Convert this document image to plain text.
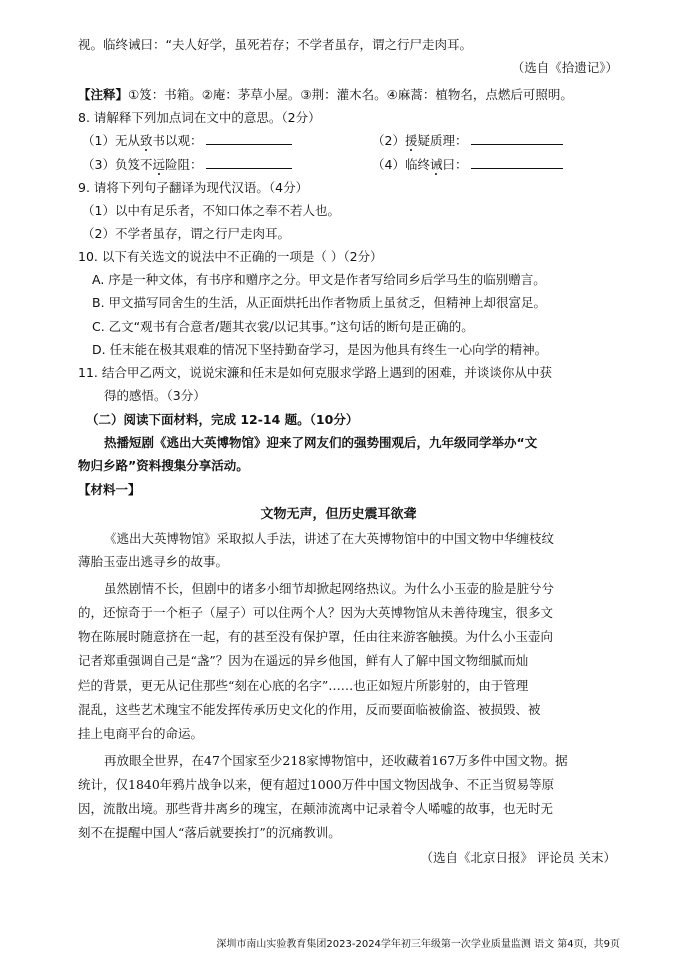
视。临终诫曰：“夫人好学，虽死若存；不学者虽存，谓之行尸走肉耳。
（选自《拾遗记》）
【注释】①笈：书箱。②庵：茅草小屋。③荆：灌木名。④麻蒿：植物名，点燃后可照明。
8. 请解释下列加点词在文中的意思。（2分）
（1）无从致书以观：	（2）援疑质理：
（3）负笈不远险阻：	（4）临终诫曰：
9. 请将下列句子翻译为现代汉语。（4分）
（1）以中有足乐者，不知口体之奉不若人也。
（2）不学者虽存，谓之行尸走肉耳。
10. 以下有关选文的说法中不正确的一项是（ ）（2分）
A. 序是一种文体，有书序和赠序之分。甲文是作者写给同乡后学马生的临别赠言。
B. 甲文描写同舍生的生活，从正面烘托出作者物质上虽贫乏，但精神上却很富足。
C. 乙文“观书有合意者/题其衣裳/以记其事。”这句话的断句是正确的。
D. 任末能在极其艰难的情况下坚持勤奋学习，是因为他具有终生一心向学的精神。
11. 结合甲乙两文，说说宋濂和任末是如何克服求学路上遇到的困难，并谈谈你从中获
得的感悟。（3分）
（二）阅读下面材料，完成 12-14 题。（10分）
热播短剧《逃出大英博物馆》迎来了网友们的强势围观后，九年级同学举办“文
物归乡路”资料搜集分享活动。
【材料一】
文物无声，但历史震耳欲聋
《逃出大英博物馆》采取拟人手法，讲述了在大英博物馆中的中国文物中华缠枝纹
薄胎玉壶出逃寻乡的故事。
虽然剧情不长，但剧中的诸多小细节却掀起网络热议。为什么小玉壶的脸是脏兮兮
的，还惊奇于一个柜子（屋子）可以住两个人？因为大英博物馆从未善待瑰宝，很多文
物在陈展时随意挤在一起，有的甚至没有保护罩，任由往来游客触摸。为什么小玉壶向
记者郑重强调自己是“盏”？因为在遥远的异乡他国，鲜有人了解中国文物细腻而灿
烂的背景，更无从记住那些“刻在心底的名字”……也正如短片所影射的，由于管理
混乱，这些艺术瑰宝不能发挥传承历史文化的作用，反而要面临被偷盗、被损毁、被
挂上电商平台的命运。
再放眼全世界，在47个国家至少218家博物馆中，还收藏着167万多件中国文物。据
统计，仅1840年鸦片战争以来，便有超过1000万件中国文物因战争、不正当贸易等原
因，流散出境。那些背井离乡的瑰宝，在颠沛流离中记录着令人唏嘘的故事，也无时无
刻不在提醒中国人“落后就要挨打”的沉痛教训。
（选自《北京日报》 评论员 关末）
深圳市南山实验教育集团2023-2024学年初三年级第一次学业质量监测 语文 第4页，共9页
